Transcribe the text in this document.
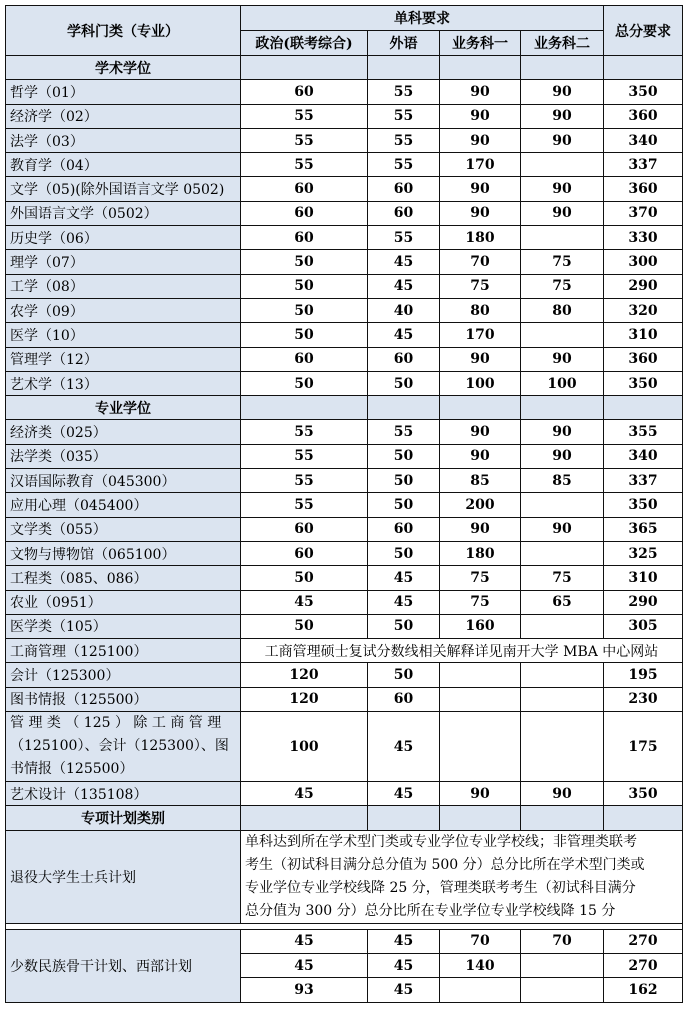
学科门类（专业）	单科要求				总分要求
	政治(联考综合)	外语	业务科一	业务科二	
学术学位					
哲学（01）	60	55	90	90	350
经济学（02）	55	55	90	90	360
法学（03）	55	55	90	90	340
教育学（04）	55	55	170		337
文学（05)(除外国语言文学 0502)	60	60	90	90	360
外国语言文学（0502）	60	60	90	90	370
历史学（06）	60	55	180		330
理学（07）	50	45	70	75	300
工学（08）	50	45	75	75	290
农学（09）	50	40	80	80	320
医学（10）	50	45	170		310
管理学（12）	60	60	90	90	360
艺术学（13）	50	50	100	100	350
专业学位					
经济类（025）	55	55	90	90	355
法学类（035）	55	50	90	90	340
汉语国际教育（045300）	55	50	85	85	337
应用心理（045400）	55	50	200		350
文学类（055）	60	60	90	90	365
文物与博物馆（065100）	60	50	180		325
工程类（085、086）	50	45	75	75	310
农业（0951）	45	45	75	65	290
医学类（105）	50	50	160		305
工商管理（125100）	工商管理硕士复试分数线相关解释详见南开大学 MBA 中心网站				
会计（125300）	120	50			195
图书情报（125500）	120	60			230

管 理 类 （ 125 ） 除 工 商 管 理
（125100）、会计（125300）、图
书情报（125500）	100	45			175
艺术设计（135108）	45	45	90	90	350
专项计划类别					
退役大学生士兵计划	单科达到所在学术型门类或专业学位专业学校线；非管理类联考
考生（初试科目满分总分值为 500 分）总分比所在学术型门类或
专业学位专业学校线降 25 分，管理类联考考生（初试科目满分
总分值为 300 分）总分比所在专业学位专业学校线降 15 分				

少数民族骨干计划、西部计划	45	45	70	70	270
	45	45	140		270
	93	45			162
